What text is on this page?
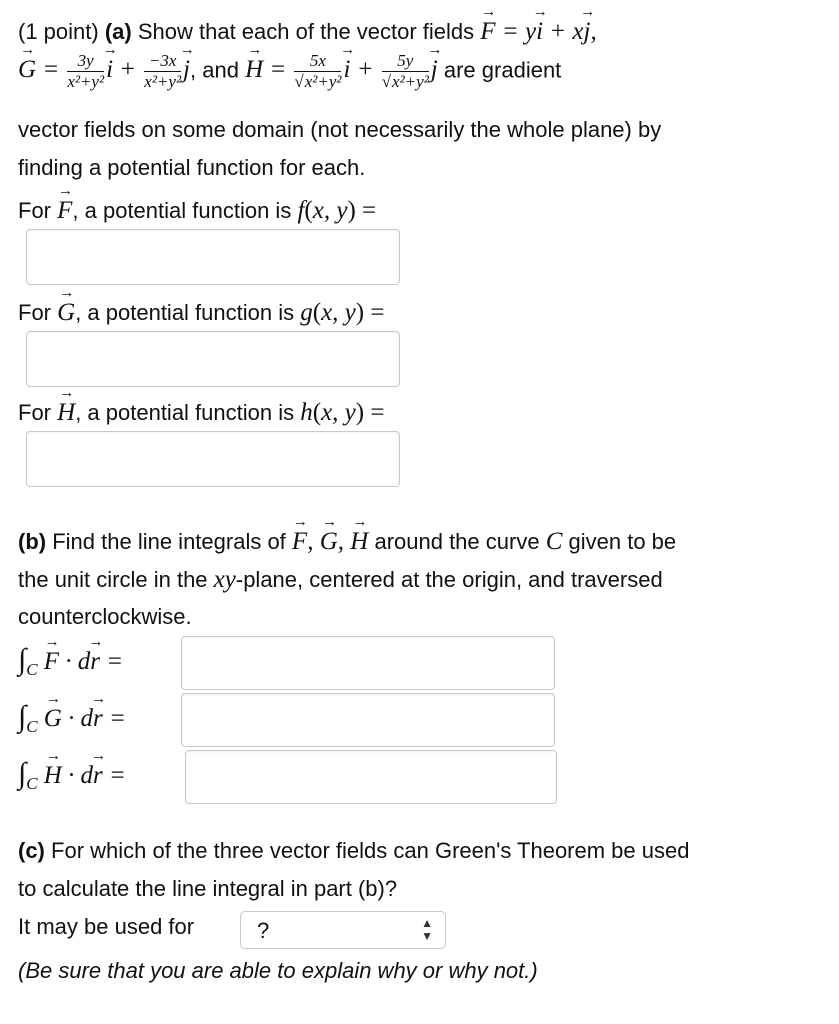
(1 point) (a) Show that each of the vector fields → F = y→ i + x→ j,
→ $G = \frac{3y}{\text{x²+y²}}$
→ $i + \frac{-3x}{\text{x²+y²}}$
→ j, and → $H = \frac{5x}{\text{√x²+y²}}$
→ $i + \frac{5y}{\text{√x²+y²}}$
→ j are gradient
vector fields on some domain (not necessarily the whole plane) by
finding a potential function for each.
For → F, a potential function is f(x, y) =
For → G, a potential function is g(x, y) =
For → H, a potential function is h(x, y) =
(b) Find the line integrals of → F, → G, → H around the curve C given to be
the unit circle in the xy-plane, centered at the origin, and traversed
counterclockwise.
$\int_C \to F \cdot d\to r$ =
$\int_C \to G \cdot d\to r$ =
$\int_C \to H \cdot d\to r$ =
(c) For which of the three vector fields can Green's Theorem be used
to calculate the line integral in part (b)?
It may be used for	?	▲
▼
(Be sure that you are able to explain why or why not.)
